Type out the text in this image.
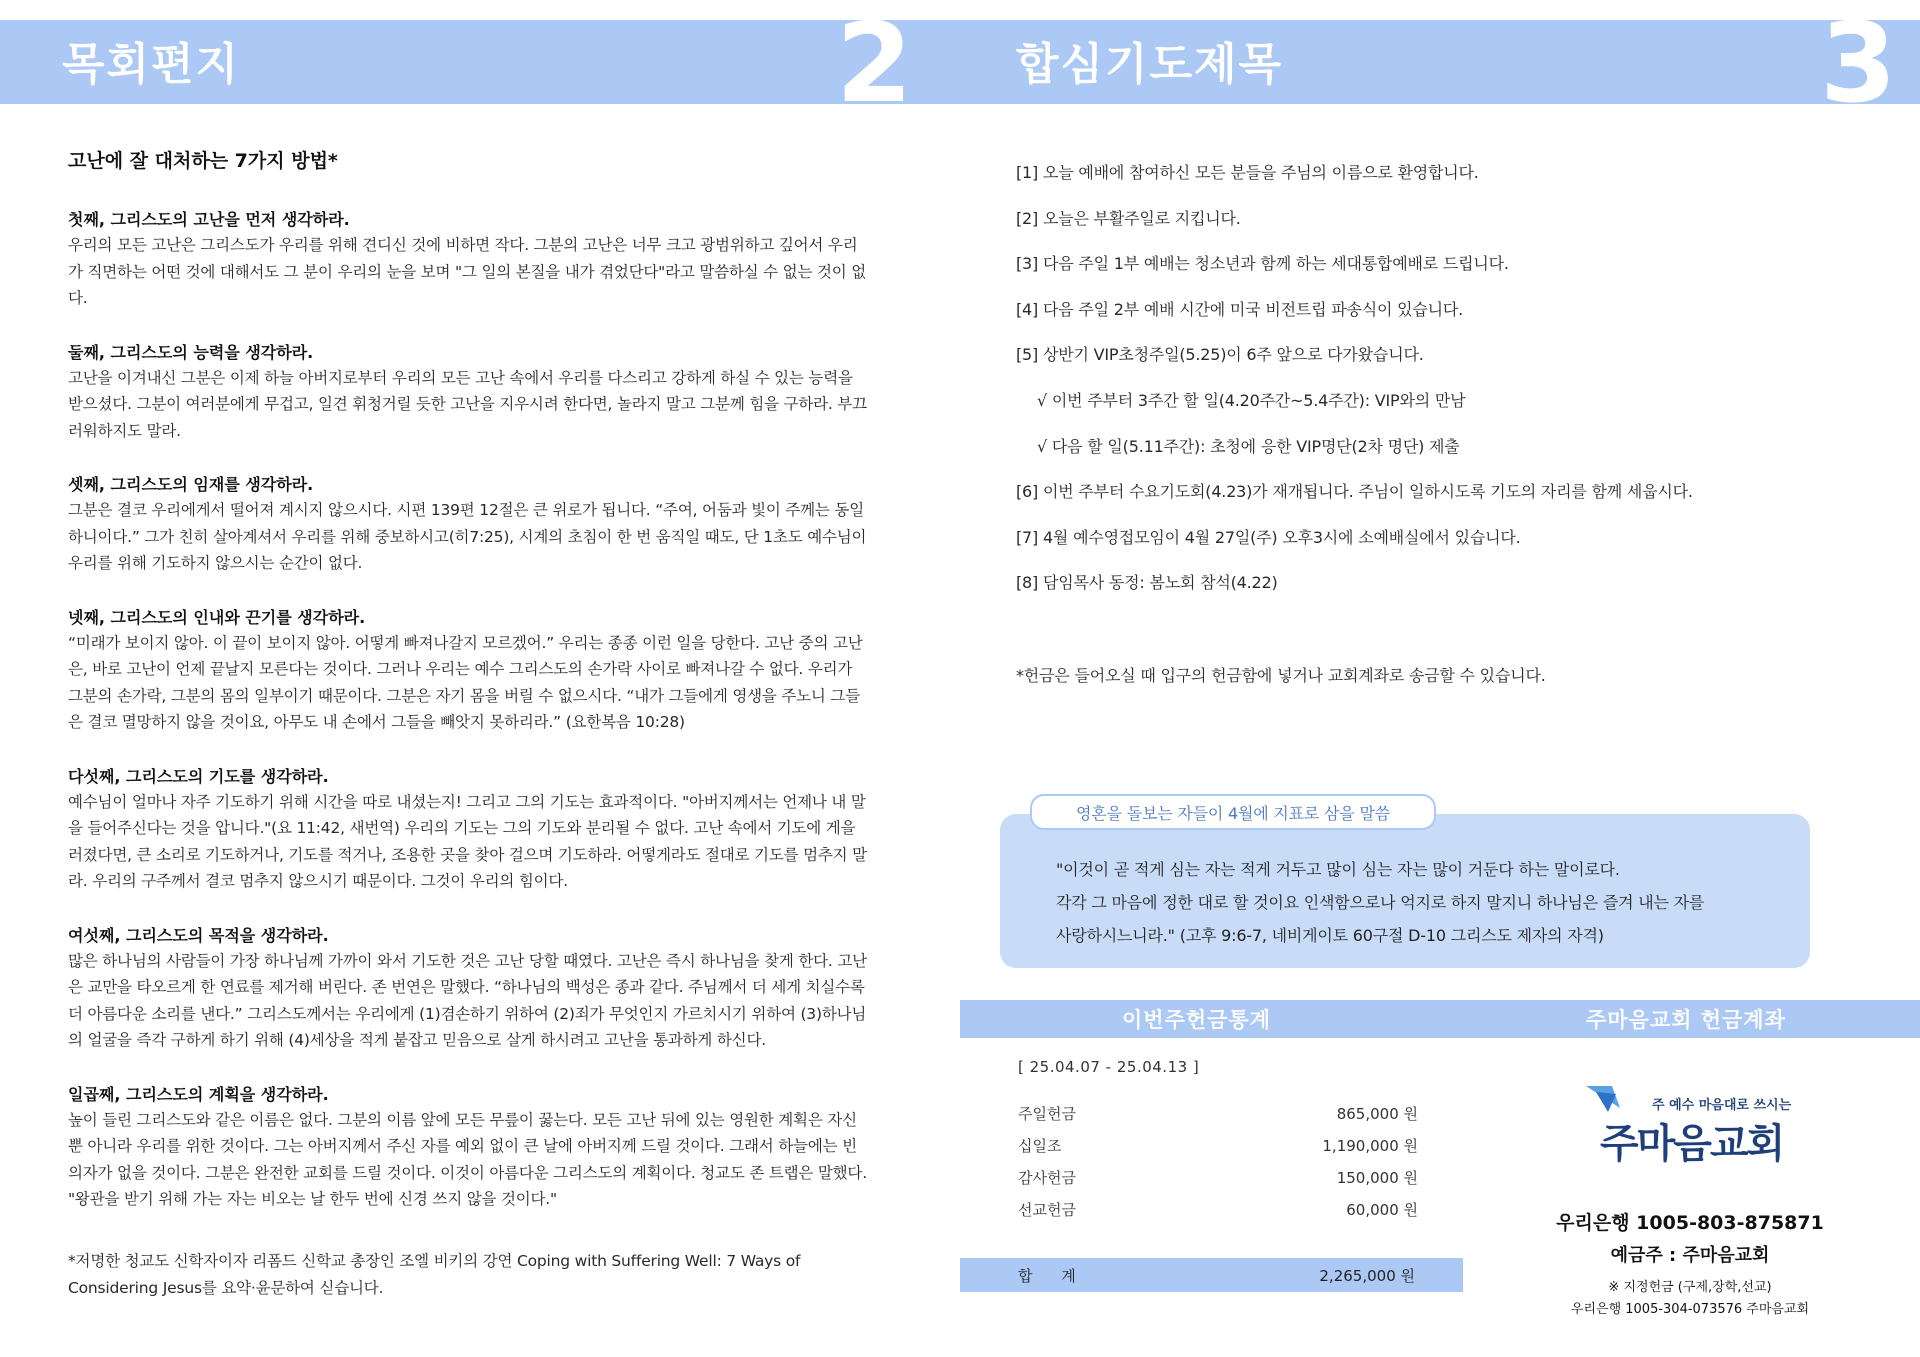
목회편지	2 합심기도제목	3
고난에 잘 대처하는 7가지 방법*
첫째, 그리스도의 고난을 먼저 생각하라.

우리의 모든 고난은 그리스도가 우리를 위해 견디신 것에 비하면 작다. 그분의 고난은 너무 크고 광범위하고 깊어서 우리가 직면하는 어떤 것에 대해서도 그 분이 우리의 눈을 보며 "그 일의 본질을 내가 겪었단다"라고 말씀하실 수 없는 것이 없다.

둘째, 그리스도의 능력을 생각하라.

고난을 이겨내신 그분은 이제 하늘 아버지로부터 우리의 모든 고난 속에서 우리를 다스리고 강하게 하실 수 있는 능력을 받으셨다. 그분이 여러분에게 무겁고, 일견 휘청거릴 듯한 고난을 지우시려 한다면, 놀라지 말고 그분께 힘을 구하라. 부끄러워하지도 말라.

셋째, 그리스도의 임재를 생각하라.

그분은 결코 우리에게서 떨어져 계시지 않으시다. 시편 139편 12절은 큰 위로가 됩니다. “주여, 어둠과 빛이 주께는 동일하니이다.” 그가 친히 살아계셔서 우리를 위해 중보하시고(히7:25), 시계의 초침이 한 번 움직일 때도, 단 1초도 예수님이 우리를 위해 기도하지 않으시는 순간이 없다.

넷째, 그리스도의 인내와 끈기를 생각하라.

“미래가 보이지 않아. 이 끝이 보이지 않아. 어떻게 빠져나갈지 모르겠어.” 우리는 종종 이런 일을 당한다. 고난 중의 고난은, 바로 고난이 언제 끝날지 모른다는 것이다. 그러나 우리는 예수 그리스도의 손가락 사이로 빠져나갈 수 없다. 우리가 그분의 손가락, 그분의 몸의 일부이기 때문이다. 그분은 자기 몸을 버릴 수 없으시다. “내가 그들에게 영생을 주노니 그들은 결코 멸망하지 않을 것이요, 아무도 내 손에서 그들을 빼앗지 못하리라.” (요한복음 10:28)

다섯째, 그리스도의 기도를 생각하라.

예수님이 얼마나 자주 기도하기 위해 시간을 따로 내셨는지! 그리고 그의 기도는 효과적이다. "아버지께서는 언제나 내 말을 들어주신다는 것을 압니다."(요 11:42, 새번역) 우리의 기도는 그의 기도와 분리될 수 없다. 고난 속에서 기도에 게을러졌다면, 큰 소리로 기도하거나, 기도를 적거나, 조용한 곳을 찾아 걸으며 기도하라. 어떻게라도 절대로 기도를 멈추지 말라. 우리의 구주께서 결코 멈추지 않으시기 때문이다. 그것이 우리의 힘이다.

여섯째, 그리스도의 목적을 생각하라.

많은 하나님의 사람들이 가장 하나님께 가까이 와서 기도한 것은 고난 당할 때였다. 고난은 즉시 하나님을 찾게 한다. 고난은 교만을 타오르게 한 연료를 제거해 버린다. 존 번연은 말했다. “하나님의 백성은 종과 같다. 주님께서 더 세게 치실수록 더 아름다운 소리를 낸다.” 그리스도께서는 우리에게 (1)겸손하기 위하여 (2)죄가 무엇인지 가르치시기 위하여 (3)하나님의 얼굴을 즉각 구하게 하기 위해 (4)세상을 적게 붙잡고 믿음으로 살게 하시려고 고난을 통과하게 하신다.

일곱째, 그리스도의 계획을 생각하라.

높이 들린 그리스도와 같은 이름은 없다. 그분의 이름 앞에 모든 무릎이 꿇는다. 모든 고난 뒤에 있는 영원한 계획은 자신뿐 아니라 우리를 위한 것이다. 그는 아버지께서 주신 자를 예외 없이 큰 날에 아버지께 드릴 것이다. 그래서 하늘에는 빈 의자가 없을 것이다. 그분은 완전한 교회를 드릴 것이다. 이것이 아름다운 그리스도의 계획이다. 청교도 존 트랩은 말했다. "왕관을 받기 위해 가는 자는 비오는 날 한두 번에 신경 쓰지 않을 것이다."

*저명한 청교도 신학자이자 리폼드 신학교 총장인 조엘 비키의 강연 Coping with Suffering Well: 7 Ways of Considering Jesus를 요약·윤문하여 싣습니다.
[1] 오늘 예배에 참여하신 모든 분들을 주님의 이름으로 환영합니다.
[2] 오늘은 부활주일로 지킵니다.
[3] 다음 주일 1부 예배는 청소년과 함께 하는 세대통합예배로 드립니다.
[4] 다음 주일 2부 예배 시간에 미국 비전트립 파송식이 있습니다.
[5] 상반기 VIP초청주일(5.25)이 6주 앞으로 다가왔습니다.
√ 이번 주부터 3주간 할 일(4.20주간~5.4주간): VIP와의 만남
√ 다음 할 일(5.11주간): 초청에 응한 VIP명단(2차 명단) 제출
[6] 이번 주부터 수요기도회(4.23)가 재개됩니다. 주님이 일하시도록 기도의 자리를 함께 세웁시다.
[7] 4월 예수영접모임이 4월 27일(주) 오후3시에 소예배실에서 있습니다.
[8] 담임목사 동정: 봄노회 참석(4.22)
*헌금은 들어오실 때 입구의 헌금함에 넣거나 교회계좌로 송금할 수 있습니다.
영혼을 돌보는 자들이 4월에 지표로 삼을 말씀
"이것이 곧 적게 심는 자는 적게 거두고 많이 심는 자는 많이 거둔다 하는 말이로다.
각각 그 마음에 정한 대로 할 것이요 인색함으로나 억지로 하지 말지니 하나님은 즐겨 내는 자를
사랑하시느니라." (고후 9:6-7, 네비게이토 60구절 D-10 그리스도 제자의 자격)
이번주헌금통계	주마음교회 헌금계좌
[ 25.04.07 - 25.04.13 ]
주일헌금	865,000 원
십일조	1,190,000 원
감사헌금	150,000 원
선교헌금	60,000 원
합 계	2,265,000 원
주 예수 마음대로 쓰시는
주마음교회
우리은행 1005-803-875871
예금주 : 주마음교회
※ 지정헌금 (구제,장학,선교)
우리은행 1005-304-073576 주마음교회
